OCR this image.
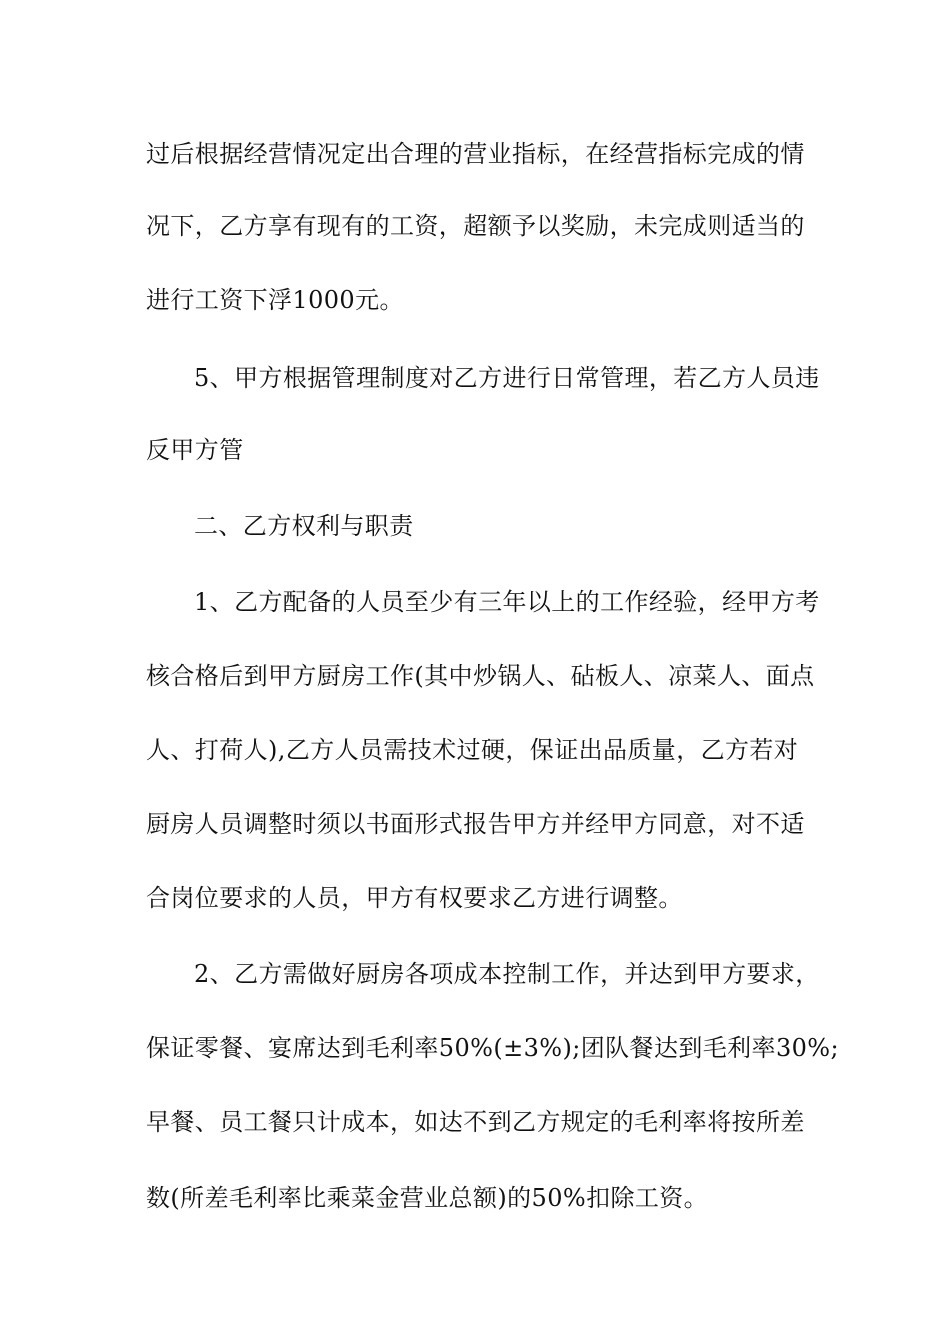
过后根据经营情况定出合理的营业指标，在经营指标完成的情
况下，乙方享有现有的工资，超额予以奖励，未完成则适当的
进行工资下浮1000元。
5、甲方根据管理制度对乙方进行日常管理，若乙方人员违
反甲方管
二、乙方权利与职责
1、乙方配备的人员至少有三年以上的工作经验，经甲方考
核合格后到甲方厨房工作(其中炒锅人、砧板人、凉菜人、面点
人、打荷人),乙方人员需技术过硬，保证出品质量，乙方若对
厨房人员调整时须以书面形式报告甲方并经甲方同意，对不适
合岗位要求的人员，甲方有权要求乙方进行调整。
2、乙方需做好厨房各项成本控制工作，并达到甲方要求，
保证零餐、宴席达到毛利率50%(±3%);团队餐达到毛利率30%;
早餐、员工餐只计成本，如达不到乙方规定的毛利率将按所差
数(所差毛利率比乘菜金营业总额)的50%扣除工资。
